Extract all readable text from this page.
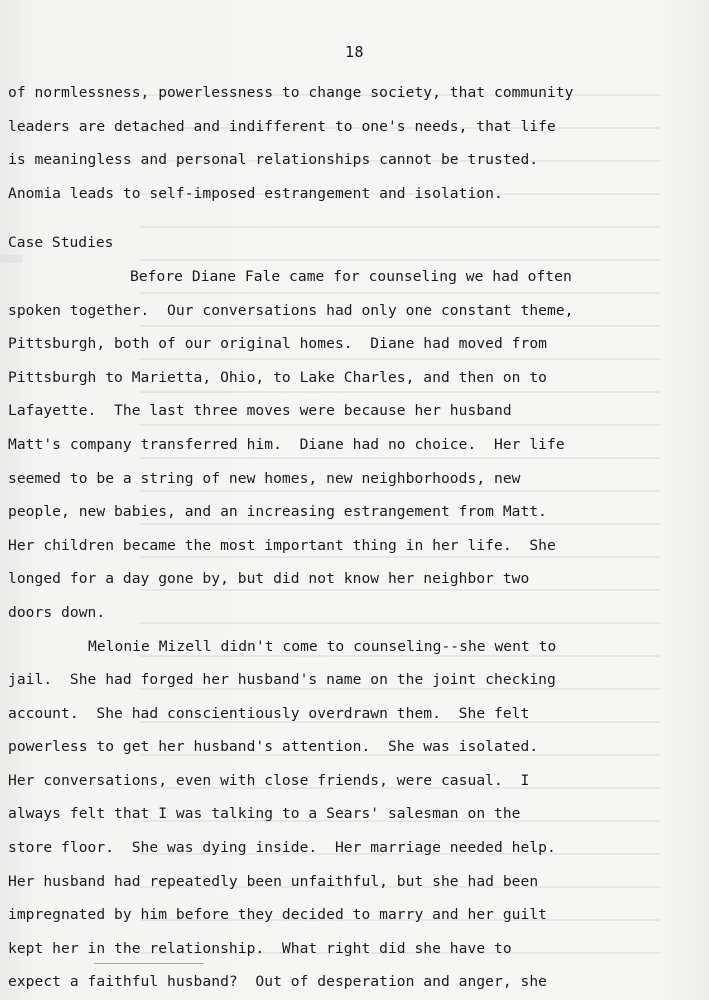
18
of normlessness, powerlessness to change society, that community
leaders are detached and indifferent to one's needs, that life
is meaningless and personal relationships cannot be trusted.
Anomia leads to self-imposed estrangement and isolation.
Case Studies
Before Diane Fale came for counseling we had often
spoken together.  Our conversations had only one constant theme,
Pittsburgh, both of our original homes.  Diane had moved from
Pittsburgh to Marietta, Ohio, to Lake Charles, and then on to
Lafayette.  The last three moves were because her husband
Matt's company transferred him.  Diane had no choice.  Her life
seemed to be a string of new homes, new neighborhoods, new
people, new babies, and an increasing estrangement from Matt.
Her children became the most important thing in her life.  She
longed for a day gone by, but did not know her neighbor two
doors down.
Melonie Mizell didn't come to counseling--she went to
jail.  She had forged her husband's name on the joint checking
account.  She had conscientiously overdrawn them.  She felt
powerless to get her husband's attention.  She was isolated.
Her conversations, even with close friends, were casual.  I
always felt that I was talking to a Sears' salesman on the
store floor.  She was dying inside.  Her marriage needed help.
Her husband had repeatedly been unfaithful, but she had been
impregnated by him before they decided to marry and her guilt
kept her in the relationship.  What right did she have to
expect a faithful husband?  Out of desperation and anger, she
